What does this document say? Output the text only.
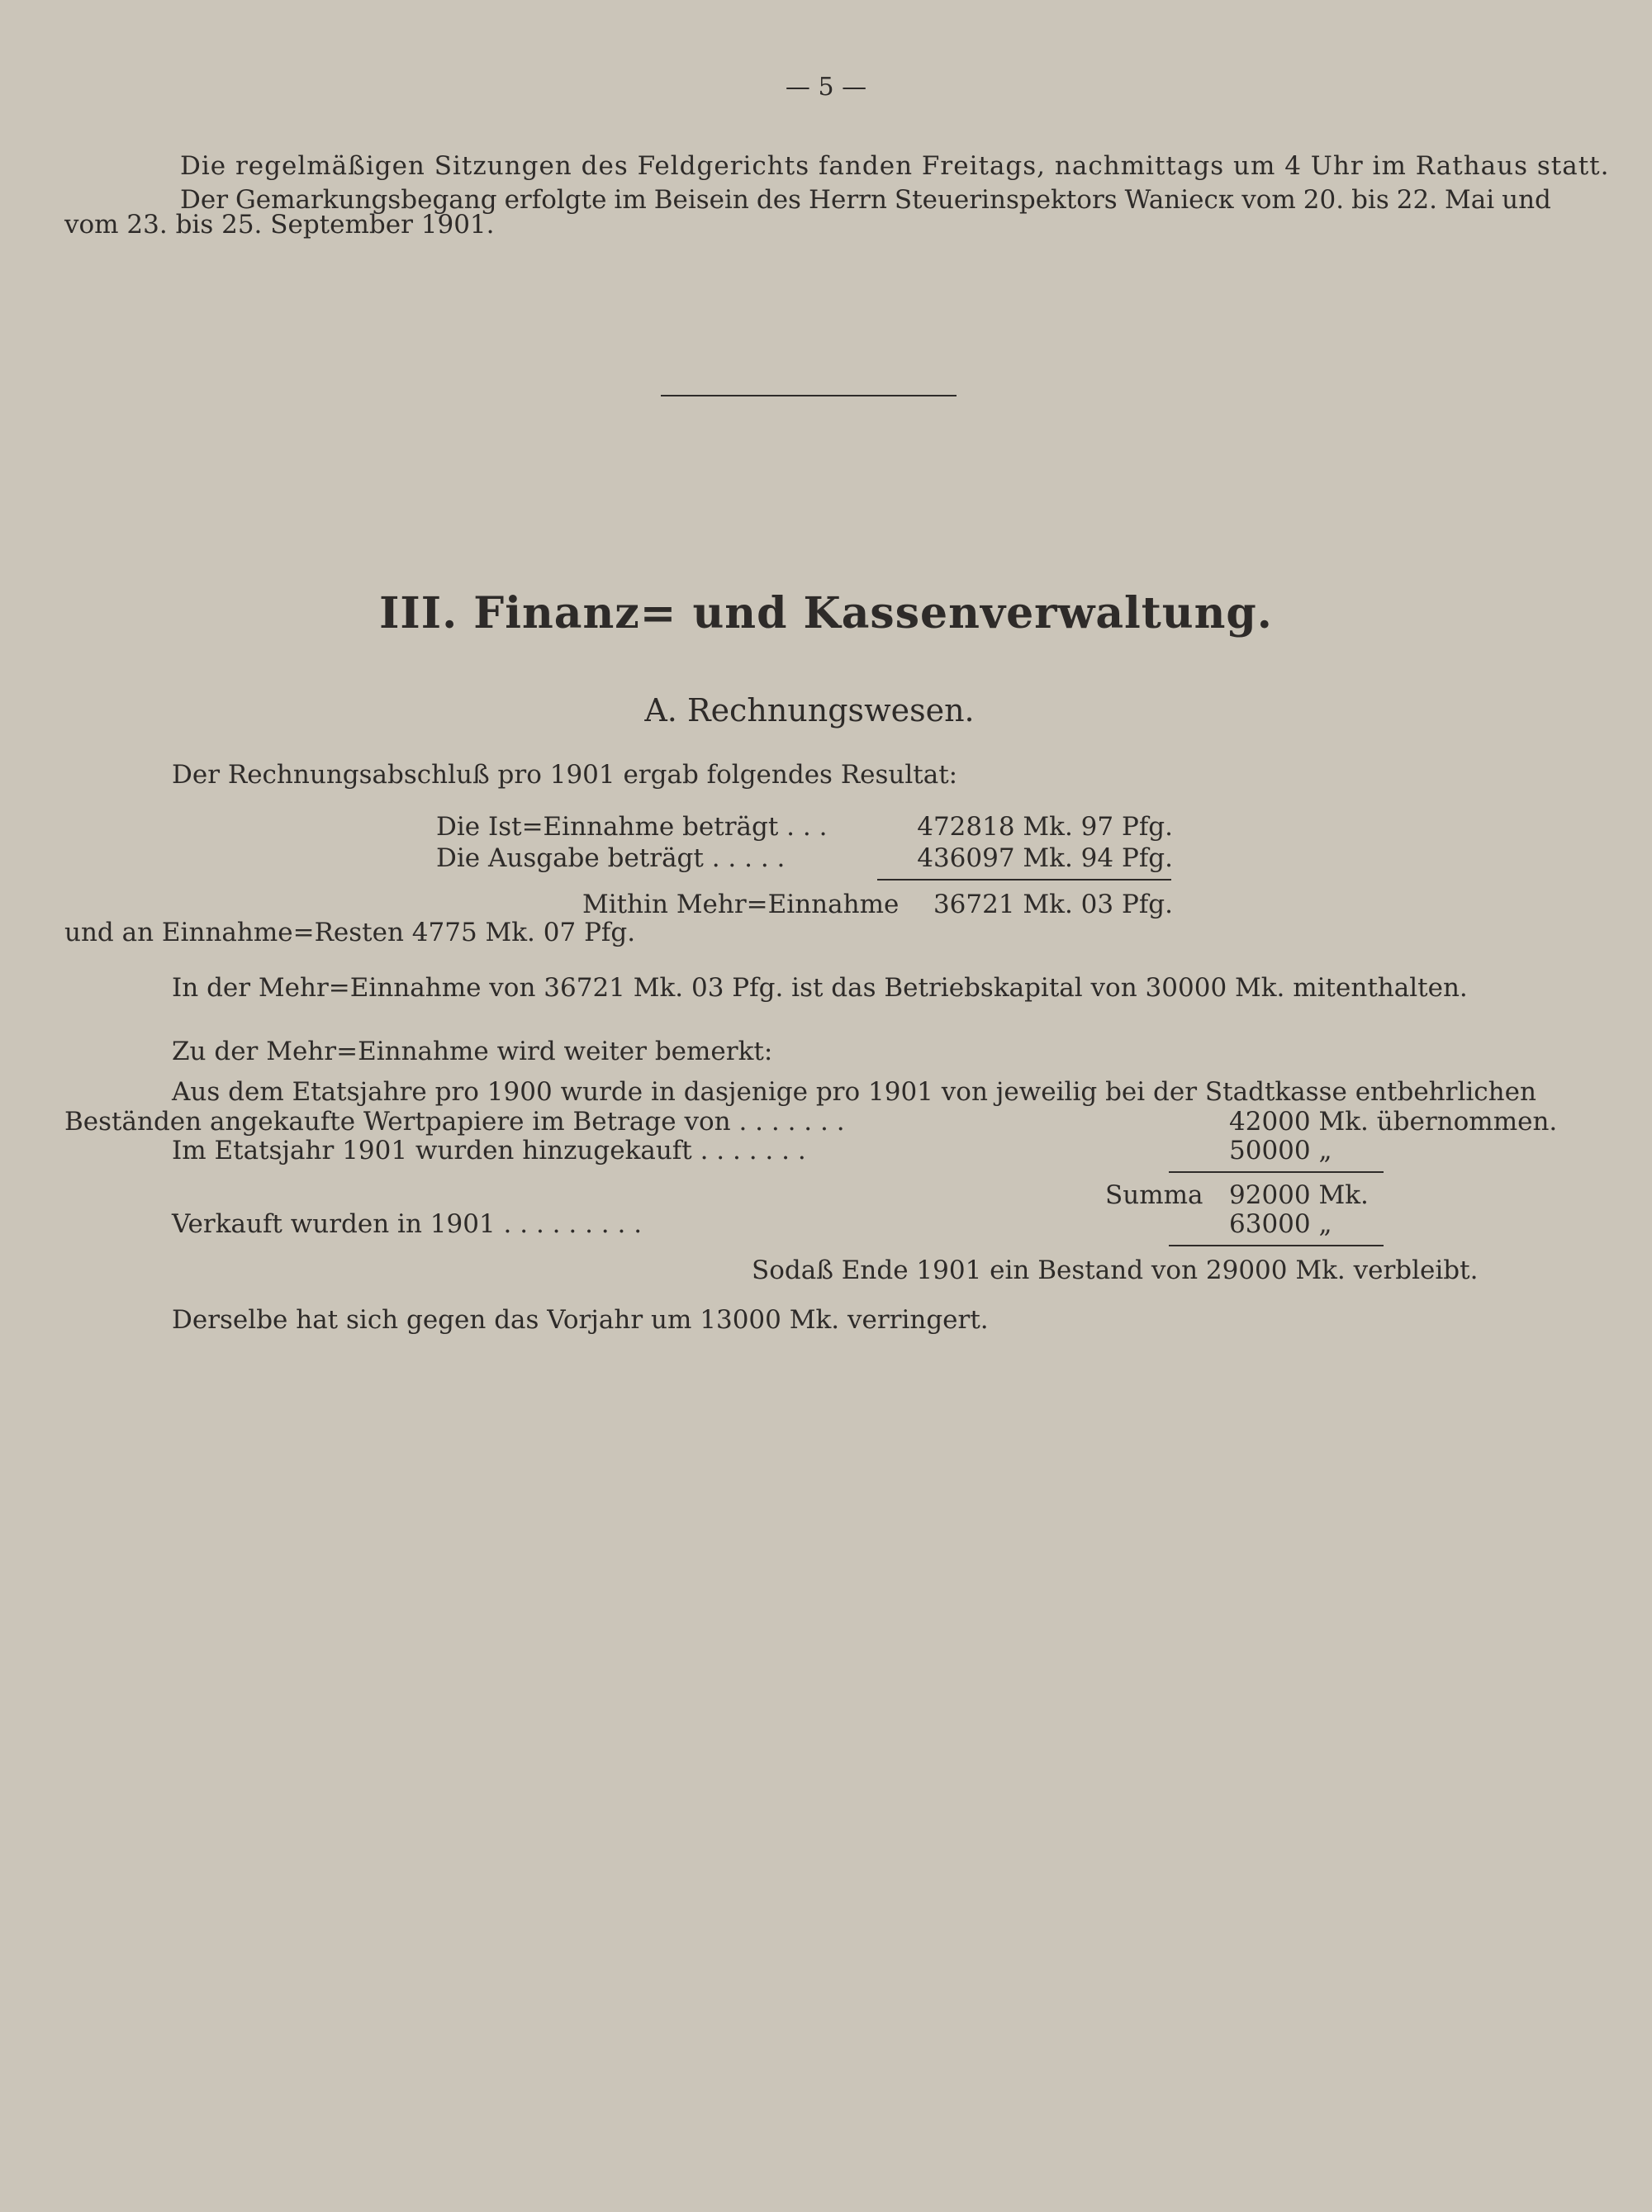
— 5 —
Die regelmäßigen Sitzungen des Feldgerichts fanden Freitags, nachmittags um 4 Uhr im Rathaus statt.
Der Gemarkungsbegang erfolgte im Beisein des Herrn Steuerinspektors Waniecк vom 20. bis 22. Mai und
vom 23. bis 25. September 1901.
III. Finanz= und Kassenverwaltung.
A. Rechnungswesen.
Der Rechnungsabschluß pro 1901 ergab folgendes Resultat:
Die Ist=Einnahme beträgt . . .	472818 Mk. 97 Pfg.
Die Ausgabe beträgt . . . . .	436097 Mk. 94 Pfg.
Mithin Mehr=Einnahme	36721 Mk. 03 Pfg.
und an Einnahme=Resten 4775 Mk. 07 Pfg.
In der Mehr=Einnahme von 36721 Mk. 03 Pfg. ist das Betriebskapital von 30000 Mk. mitenthalten.
Zu der Mehr=Einnahme wird weiter bemerkt:
Aus dem Etatsjahre pro 1900 wurde in dasjenige pro 1901 von jeweilig bei der Stadtkasse entbehrlichen
Beständen angekaufte Wertpapiere im Betrage von . . . . . . .	42000 Mk. übernommen.
Im Etatsjahr 1901 wurden hinzugekauft . . . . . . .	50000 „
Summa 92000 Mk.
Verkauft wurden in 1901 . . . . . . . . .	63000 „
Sodaß Ende 1901 ein Bestand von 29000 Mk. verbleibt.
Derselbe hat sich gegen das Vorjahr um 13000 Mk. verringert.
